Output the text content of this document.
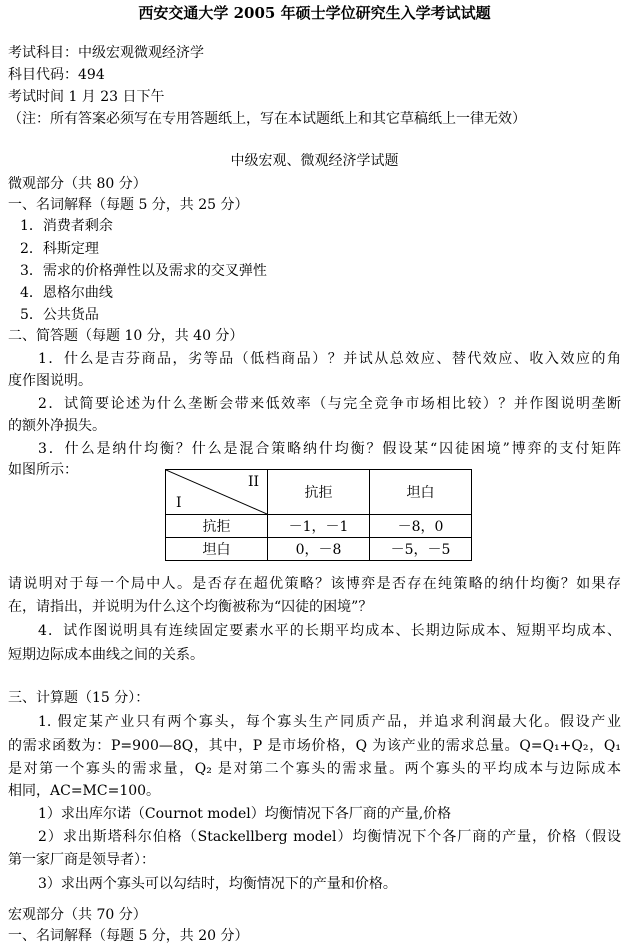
西安交通大学 2005 年硕士学位研究生入学考试试题
考试科目：中级宏观微观经济学
科目代码：494
考试时间 1 月 23 日下午
（注：所有答案必须写在专用答题纸上，写在本试题纸上和其它草稿纸上一律无效）
中级宏观、微观经济学试题
微观部分（共 80 分）
一、名词解释（每题 5 分，共 25 分）
1．消费者剩余
2．科斯定理
3．需求的价格弹性以及需求的交叉弹性
4．恩格尔曲线
5．公共货品
二、简答题（每题 10 分，共 40 分）
1．什么是吉芬商品，劣等品（低档商品）？并试从总效应、替代效应、收入效应的角
度作图说明。
2．试简要论述为什么垄断会带来低效率（与完全竞争市场相比较）？并作图说明垄断
的额外净损失。
3．什么是纳什均衡？什么是混合策略纳什均衡？假设某“囚徒困境”博弈的支付矩阵
如图所示：
II
I	抗拒	坦白
抗拒	－1，－1	－8，0
坦白	0，－8	－5，－5
请说明对于每一个局中人。是否存在超优策略？该博弈是否存在纯策略的纳什均衡？如果存
在，请指出，并说明为什么这个均衡被称为“囚徒的困境”？
4．试作图说明具有连续固定要素水平的长期平均成本、长期边际成本、短期平均成本、
短期边际成本曲线之间的关系。
三、计算题（15 分）：
1. 假定某产业只有两个寡头，每个寡头生产同质产品，并追求利润最大化。假设产业
的需求函数为：P=900—8Q，其中，P 是市场价格，Q 为该产业的需求总量。Q=Q₁+Q₂，Q₁
是对第一个寡头的需求量，Q₂ 是对第二个寡头的需求量。两个寡头的平均成本与边际成本
相同，AC=MC=100。
1）求出库尔诺（Cournot model）均衡情况下各厂商的产量,价格
2）求出斯塔科尔伯格（Stackellberg model）均衡情况下个各厂商的产量，价格（假设
第一家厂商是领导者）：
3）求出两个寡头可以勾结时，均衡情况下的产量和价格。
宏观部分（共 70 分）
一、名词解释（每题 5 分，共 20 分）
